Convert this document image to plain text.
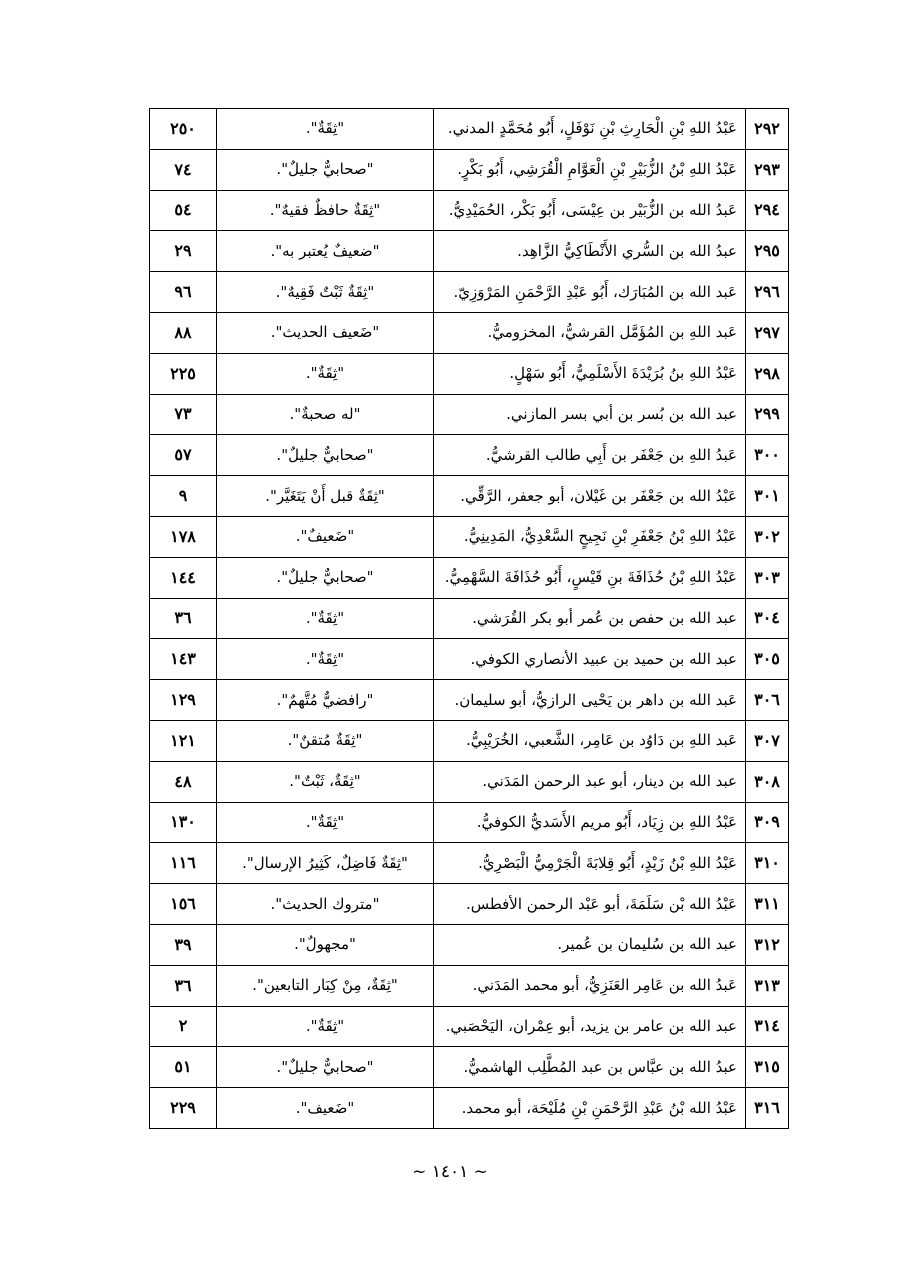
٢٩٢	عَبْدُ اللهِ بْنِ الْحَارِثِ بْنِ نَوْفَلٍ، أَبُو مُحَمَّدٍ المدني.	"ثِقَةٌ".	٢٥٠
٢٩٣	عَبْدُ اللهِ بْنُ الزُّبَيْرِ بْنِ الْعَوَّامِ الْقُرَشِي، أَبُو بَكْرٍ.	"صحابيٌّ جليلٌ".	٧٤
٢٩٤	عَبدُ الله بن الزُّبَيْر بن عِيْسَى، أَبُو بَكْر، الحُمَيْدِيُّ.	"ثِقَةٌ حافظٌ فقيهٌ".	٥٤
٢٩٥	عبدُ الله بن السُّري الأَنْطَاكِيُّ الزَّاهِد.	"ضعيفٌ يُعتبر به".	٢٩
٢٩٦	عَبد الله بن المُبَارَك، أَبُو عَبْدِ الرَّحْمَنِ المَرْوَزِيّ.	"ثِقَةٌ ثَبْتٌ فَقِيهٌ".	٩٦
٢٩٧	عَبد اللهِ بن المُؤَمَّل القرشيُّ، المخزوميُّ.	"ضَعيف الحديث".	٨٨
٢٩٨	عَبْدُ اللهِ بنُ بُرَيْدَةَ الأَسْلَمِيُّ، أَبُو سَهْلٍ.	"ثِقَةٌ".	٢٢٥
٢٩٩	عبد الله بن بُسر بن أبي بسر المازني.	"له صحبةٌ".	٧٣
٣٠٠	عَبدُ اللهِ بن جَعْفَر بن أَبِي طالب القرشيُّ.	"صحابيٌّ جليلٌ".	٥٧
٣٠١	عَبْدُ الله بن جَعْفَر بن غَيْلان، أبو جعفر، الرَّقِّي.	"ثِقَةٌ قبل أَنْ يَتَغَيَّر".	٩
٣٠٢	عَبْدُ اللهِ بْنُ جَعْفَرِ بْنِ نَجِيحٍ السَّعْدِيُّ، المَدِينِيُّ.	"ضَعيفٌ".	١٧٨
٣٠٣	عَبْدُ اللهِ بْنُ حُذَافَةَ بنِ قَيْسٍ، أَبُو حُذَافَةَ السَّهْمِيُّ.	"صحابيٌّ جليلٌ".	١٤٤
٣٠٤	عبد الله بن حفص بن عُمر أبو بكر القُرَشي.	"ثِقَةٌ".	٣٦
٣٠٥	عبد الله بن حميد بن عبيد الأنصاري الكوفي.	"ثِقَةٌ".	١٤٣
٣٠٦	عَبد الله بن داهر بن يَحْيى الرازيُّ، أبو سليمان.	"رافضيٌّ مُتَّهمٌ".	١٢٩
٣٠٧	عَبد اللهِ بن دَاوُد بن عَامِر، الشَّعبي، الخُرَيْبِيُّ.	"ثِقَةٌ مُتقنٌ".	١٢١
٣٠٨	عبد الله بن دينار، أبو عبد الرحمن المَدَني.	"ثِقَةٌ، ثَبْتٌ".	٤٨
٣٠٩	عَبْدُ اللهِ بن زِيَاد، أَبُو مريم الأَسَديُّ الكوفيُّ.	"ثِقَةٌ".	١٣٠
٣١٠	عَبْدُ اللهِ بْنُ زَيْدٍ، أَبُو قِلابَةَ الْجَرْمِيُّ الْبَصْرِيُّ.	"ثِقَةٌ فَاضِلٌ، كَثِيرُ الإرسال".	١١٦
٣١١	عَبْدُ الله بْن سَلَمَةَ، أبو عَبْد الرحمن الأفطس.	"متروك الحديث".	١٥٦
٣١٢	عبد الله بن سُليمان بن عُمير.	"مجهولٌ".	٣٩
٣١٣	عَبدُ الله بن عَامِر العَنَزِيُّ، أبو محمد المَدَني.	"ثِقَةٌ، مِنْ كِبَار التابعين".	٣٦
٣١٤	عبد الله بن عامر بن يزيد، أبو عِمْران، اليَحْصَبي.	"ثِقَةٌ".	٢
٣١٥	عبدُ الله بن عبَّاس بن عبد المُطَّلِب الهاشميُّ.	"صحابيٌّ جليلٌ".	٥١
٣١٦	عَبْدُ الله بْنُ عَبْدِ الرَّحْمَنِ بْنِ مُلَيْحَة، أبو محمد.	"ضَعيف".	٢٢٩
~ ١٤٠١ ~
